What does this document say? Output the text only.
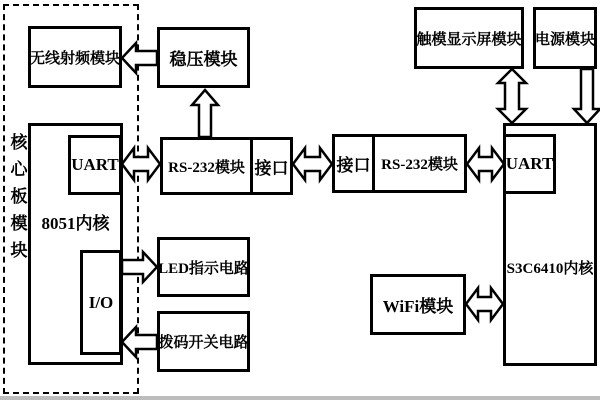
核心板模块
无线射频模块	稳压模块
UART
8051内核
I/O
RS-232模块 接口	接口 RS-232模块
LED指示电路
拨码开关电路
WiFi模块
UART
S3C6410内核
触模显示屏模块 电源模块
